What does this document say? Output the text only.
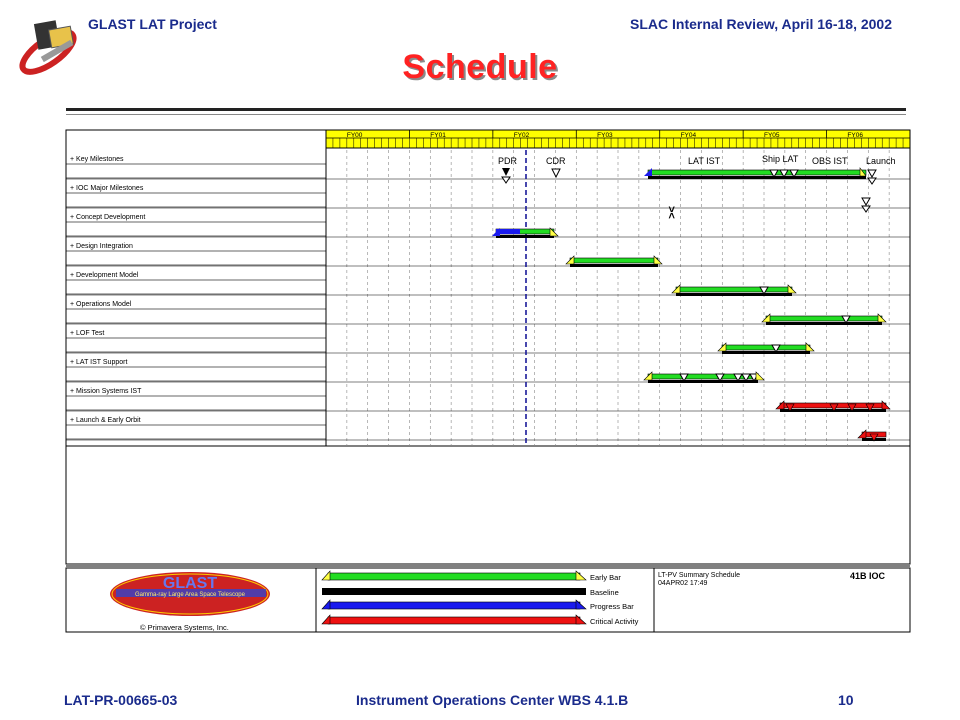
GLAST LAT Project	SLAC Internal Review, April 16-18, 2002
Schedule
FY00	FY01	FY02	FY03	FY04	FY05	FY06
+ Key Milestones
+ IOC Major Milestones
+ Concept Development
+ Design Integration
+ Development Model
+ Operations Model
+ LOF Test
+ LAT IST Support
+ Mission Systems IST
+ Launch & Early Orbit
PDR	CDR	LAT IST	Ship LAT OBS IST Launch
><
GLAST
Gamma-ray Large Area Space Telescope
© Primavera Systems, Inc.
Early Bar
Baseline
Progress Bar
Critical Activity
LT-PV Summary Schedule
04APR02 17:49
41B IOC
LAT-PR-00665-03	Instrument Operations Center WBS 4.1.B	10
